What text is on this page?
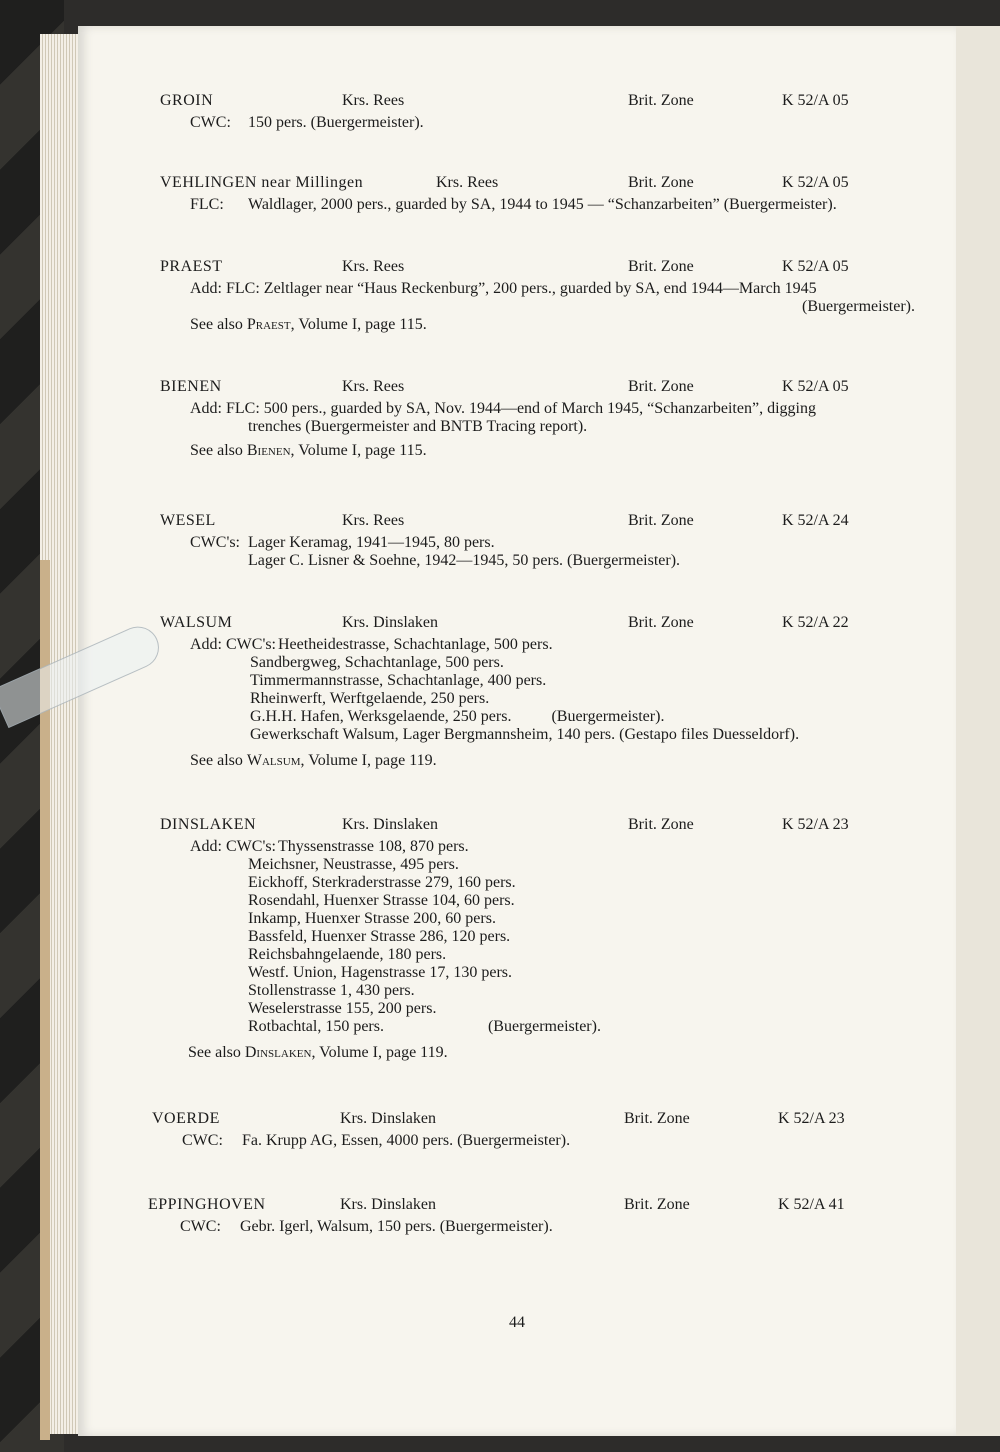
GROIN	Krs. Rees	Brit. Zone	K 52/A 05
CWC: 150 pers. (Buergermeister).
VEHLINGEN near Millingen	Krs. Rees	Brit. Zone	K 52/A 05
FLC: Waldlager, 2000 pers., guarded by SA, 1944 to 1945 — “Schanzarbeiten” (Buergermeister).
PRAEST	Krs. Rees	Brit. Zone	K 52/A 05
Add: FLC: Zeltlager near “Haus Reckenburg”, 200 pers., guarded by SA, end 1944—March 1945
(Buergermeister).
See also Praest, Volume I, page 115.
BIENEN	Krs. Rees	Brit. Zone	K 52/A 05
Add: FLC: 500 pers., guarded by SA, Nov. 1944—end of March 1945, “Schanzarbeiten”, digging
trenches (Buergermeister and BNTB Tracing report).
See also Bienen, Volume I, page 115.
WESEL	Krs. Rees	Brit. Zone	K 52/A 24
CWC's: Lager Keramag, 1941—1945, 80 pers.
Lager C. Lisner & Soehne, 1942—1945, 50 pers. (Buergermeister).
WALSUM	Krs. Dinslaken	Brit. Zone	K 52/A 22
Add: CWC's: Heetheidestrasse, Schachtanlage, 500 pers.
Sandbergweg, Schachtanlage, 500 pers.
Timmermannstrasse, Schachtanlage, 400 pers.
Rheinwerft, Werftgelaende, 250 pers.
G.H.H. Hafen, Werksgelaende, 250 pers.          (Buergermeister).
Gewerkschaft Walsum, Lager Bergmannsheim, 140 pers. (Gestapo files Duesseldorf).
See also Walsum, Volume I, page 119.
DINSLAKEN	Krs. Dinslaken	Brit. Zone	K 52/A 23
Add: CWC's: Thyssenstrasse 108, 870 pers.
Meichsner, Neustrasse, 495 pers.
Eickhoff, Sterkraderstrasse 279, 160 pers.
Rosendahl, Huenxer Strasse 104, 60 pers.
Inkamp, Huenxer Strasse 200, 60 pers.
Bassfeld, Huenxer Strasse 286, 120 pers.
Reichsbahngelaende, 180 pers.
Westf. Union, Hagenstrasse 17, 130 pers.
Stollenstrasse 1, 430 pers.
Weselerstrasse 155, 200 pers.
Rotbachtal, 150 pers.                          (Buergermeister).
See also Dinslaken, Volume I, page 119.
VOERDE	Krs. Dinslaken	Brit. Zone	K 52/A 23
CWC: Fa. Krupp AG, Essen, 4000 pers. (Buergermeister).
EPPINGHOVEN	Krs. Dinslaken	Brit. Zone	K 52/A 41
CWC: Gebr. Igerl, Walsum, 150 pers. (Buergermeister).
44
